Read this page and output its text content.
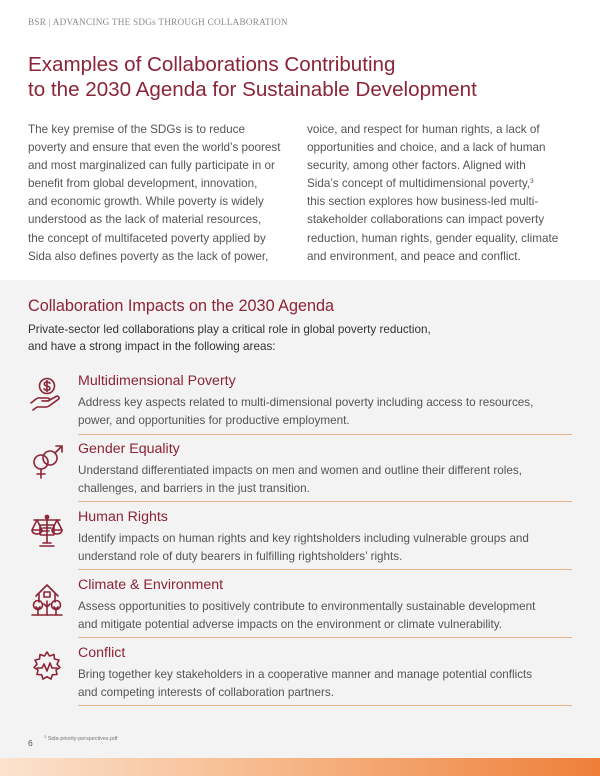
BSR | ADVANCING THE SDGs THROUGH COLLABORATION
Examples of Collaborations Contributing
to the 2030 Agenda for Sustainable Development
The key premise of the SDGs is to reduce
poverty and ensure that even the world’s poorest
and most marginalized can fully participate in or
benefit from global development, innovation,
and economic growth. While poverty is widely
understood as the lack of material resources,
the concept of multifaceted poverty applied by
Sida also defines poverty as the lack of power,
voice, and respect for human rights, a lack of
opportunities and choice, and a lack of human
security, among other factors. Aligned with
Sida’s concept of multidimensional poverty,$^3$
this section explores how business-led multi-
stakeholder collaborations can impact poverty
reduction, human rights, gender equality, climate
and environment, and peace and conflict.
Collaboration Impacts on the 2030 Agenda
Private-sector led collaborations play a critical role in global poverty reduction,
and have a strong impact in the following areas:
Multidimensional Poverty
Address key aspects related to multi-dimensional poverty including access to resources,
power, and opportunities for productive employment.
Gender Equality
Understand differentiated impacts on men and women and outline their different roles,
challenges, and barriers in the just transition.
Human Rights
Identify impacts on human rights and key rightsholders including vulnerable groups and
understand role of duty bearers in fulfilling rightsholders’ rights.
Climate & Environment
Assess opportunities to positively contribute to environmentally sustainable development
and mitigate potential adverse impacts on the environment or climate vulnerability.
Conflict
Bring together key stakeholders in a cooperative manner and manage potential conflicts
and competing interests of collaboration partners.
6
$^3$ Sida-priority-perspectives.pdf
